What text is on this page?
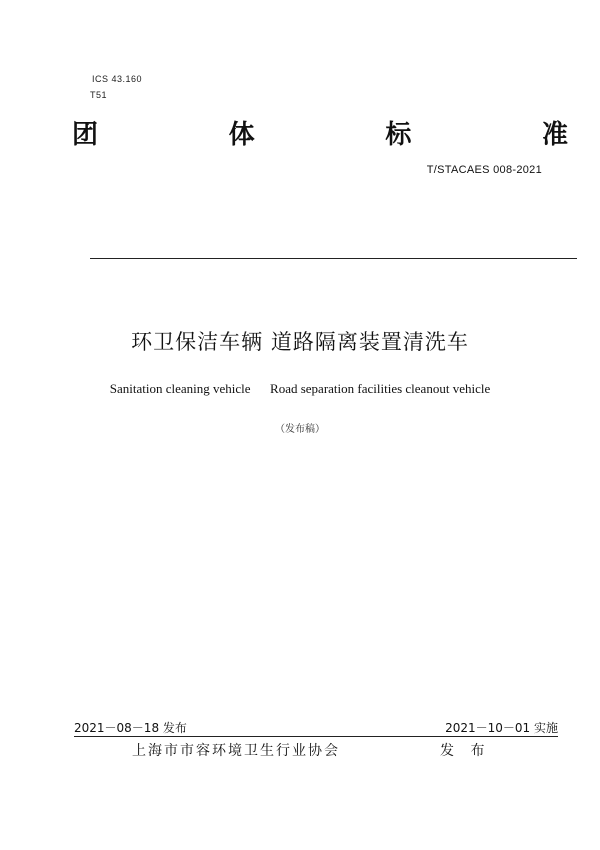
ICS 43.160
T51
团	体	标	准
T/STACAES 008-2021
环卫保洁车辆 道路隔离装置清洗车
Sanitation cleaning vehicle      Road separation facilities cleanout vehicle
（发布稿）
2021－08－18 发布	2021－10－01 实施
上海市市容环境卫生行业协会	发 布
